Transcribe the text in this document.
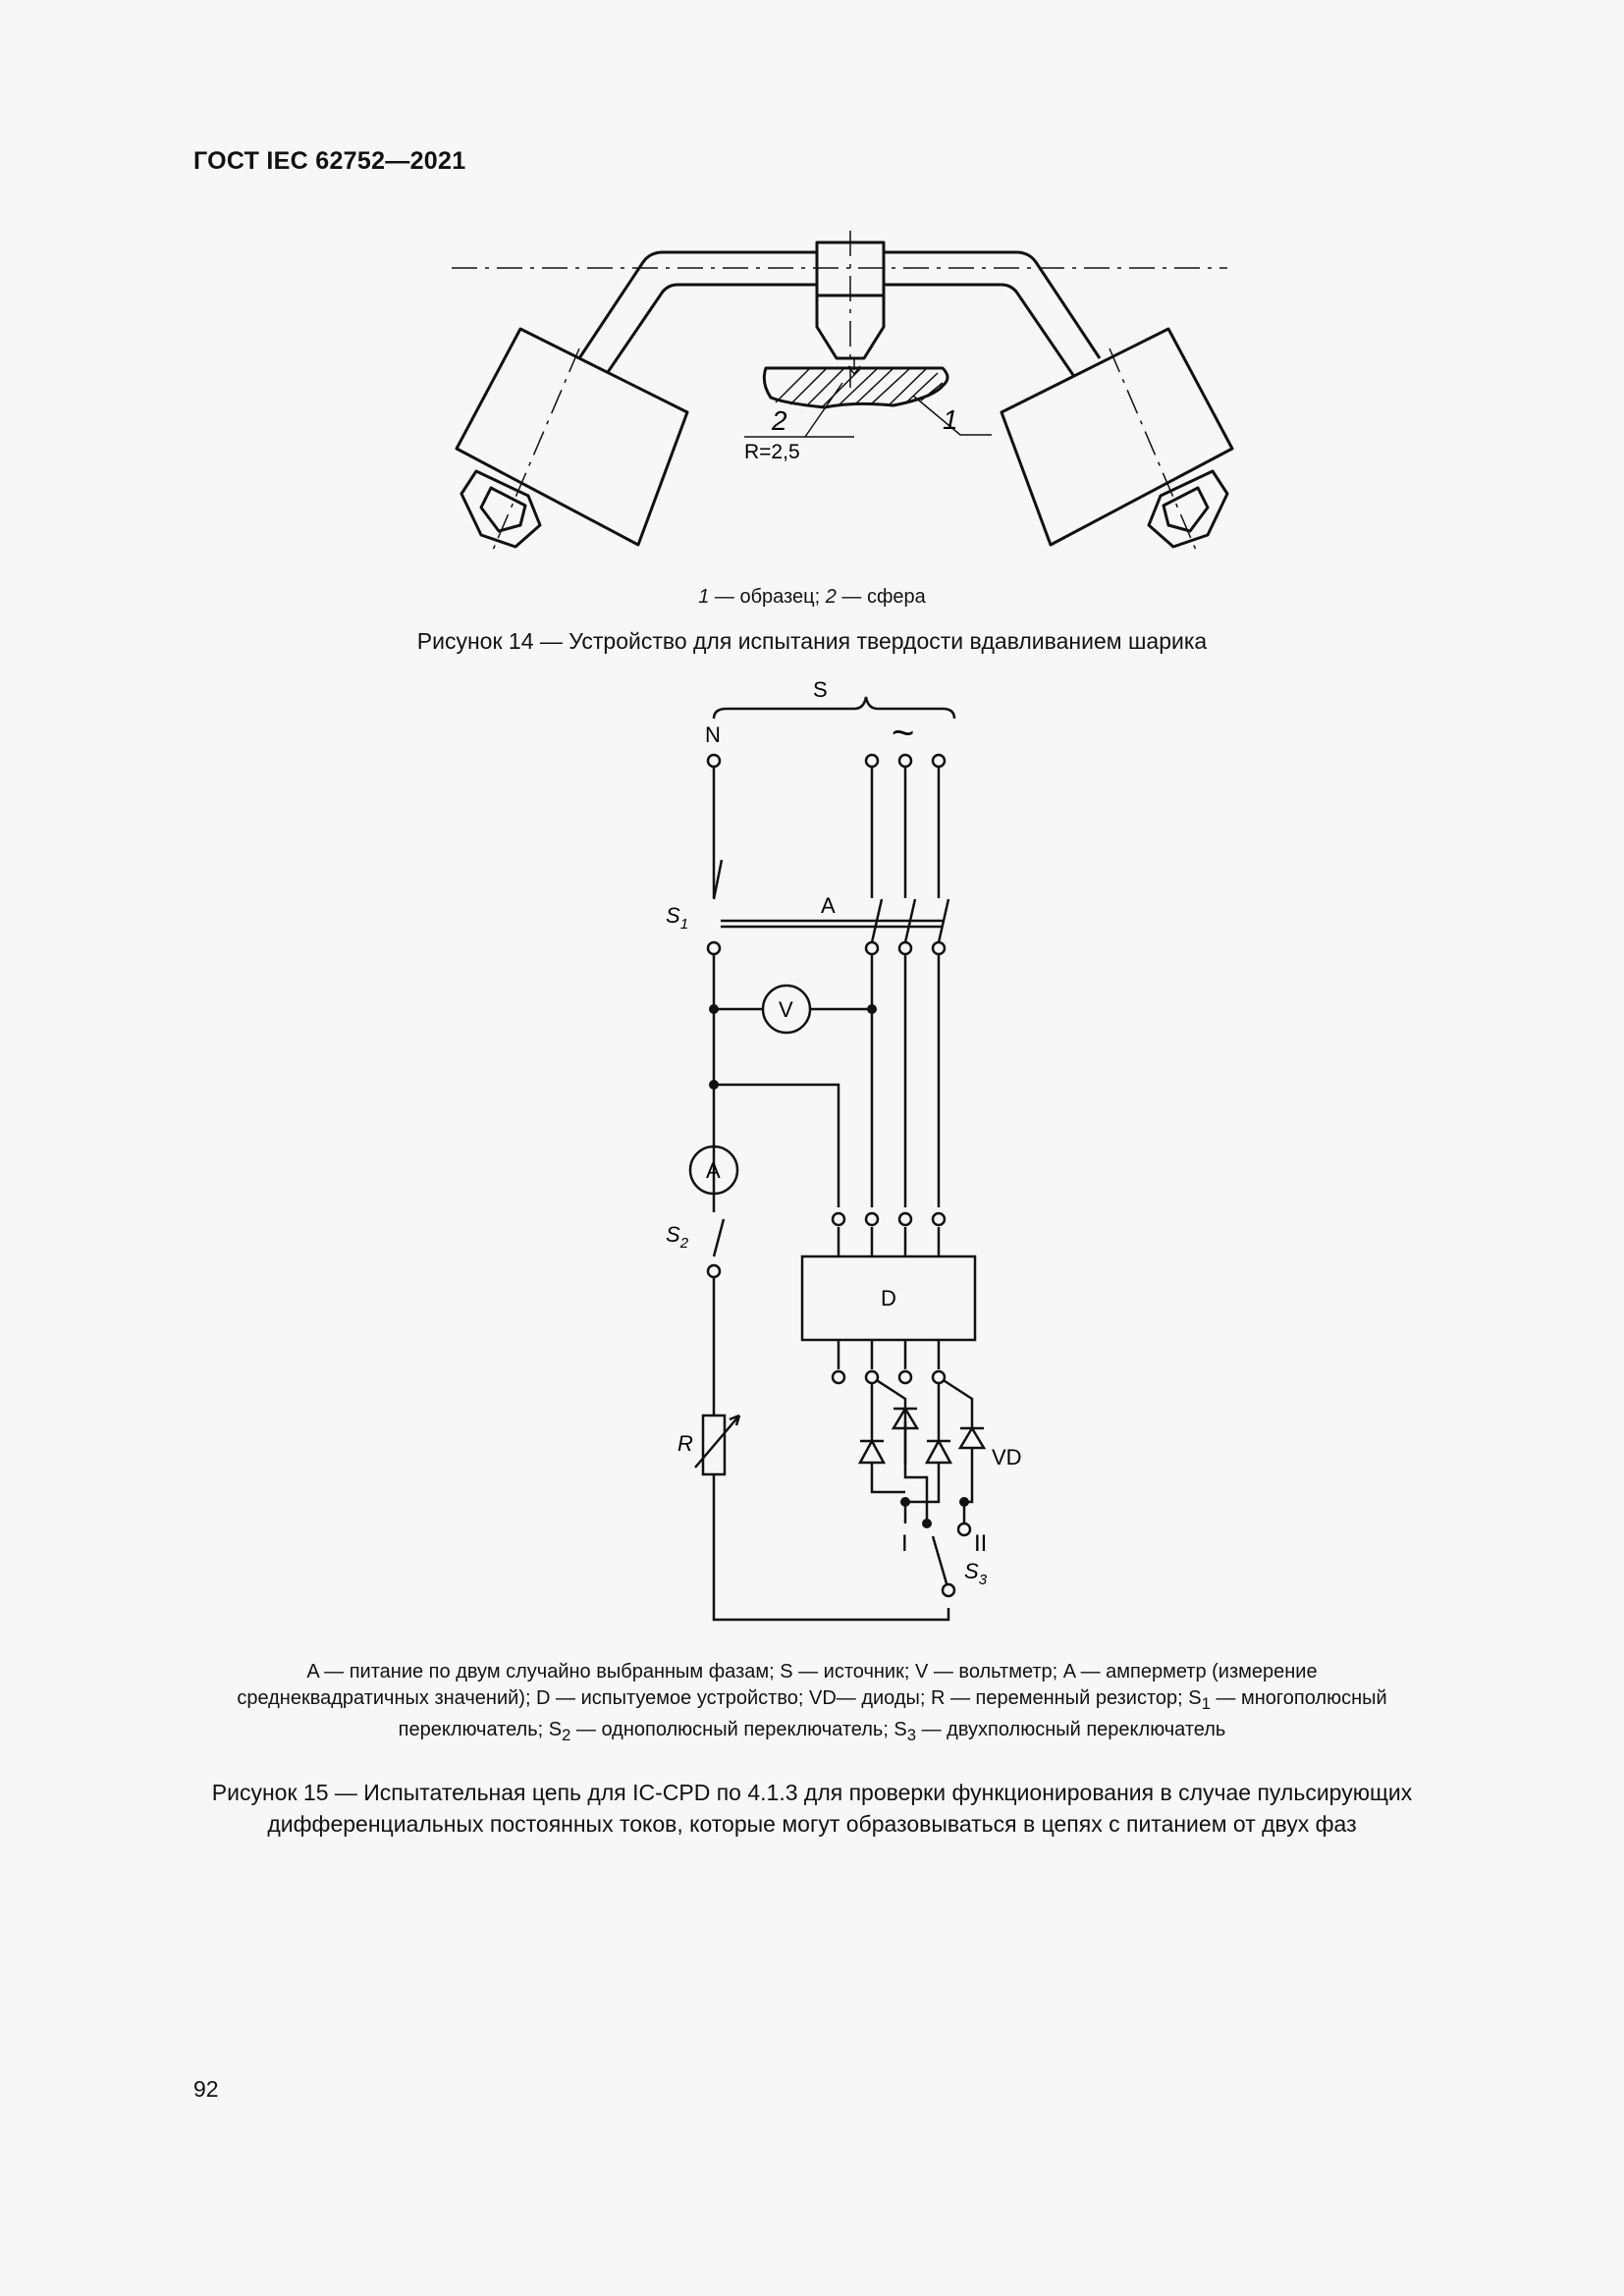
ГОСТ IEC 62752—2021
2	1
R=2,5
1 — образец; 2 — сфера
Рисунок 14 — Устройство для испытания твердости вдавливанием шарика
S
N	~
$S_1$
A
V
A
$S_2$
D
R
VD
I	II
$S_3$
A — питание по двум случайно выбранным фазам; S — источник; V — вольтметр; A — амперметр (измерение
среднеквадратичных значений); D — испытуемое устройство; VD— диоды; R — переменный резистор; $S_1$ — многополюсный
переключатель; $S_2$ — однополюсный переключатель; $S_3$ — двухполюсный переключатель
Рисунок 15 — Испытательная цепь для IC-CPD по 4.1.3 для проверки функционирования в случае пульсирующих
дифференциальных постоянных токов, которые могут образовываться в цепях с питанием от двух фаз
92
